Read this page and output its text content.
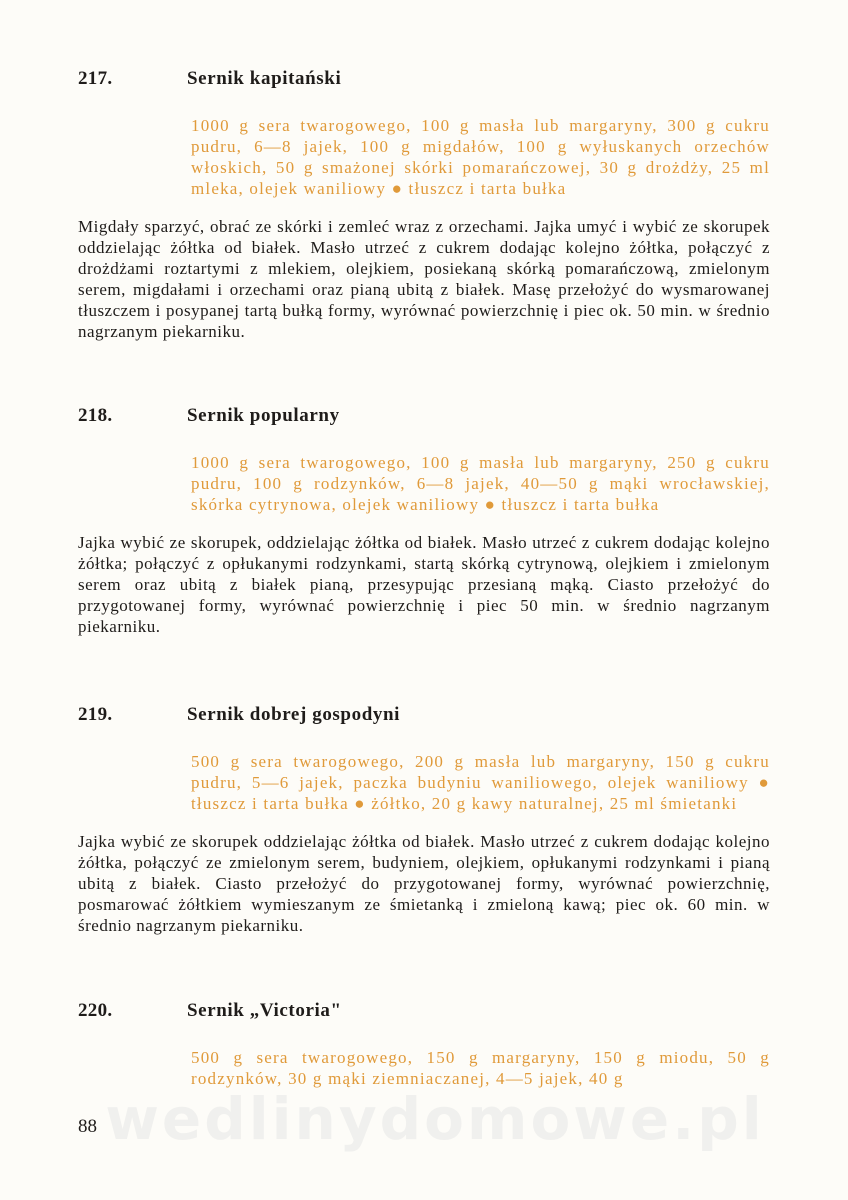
217.	Sernik kapitański
1000 g sera twarogowego, 100 g masła lub margaryny, 300 g cukru pudru, 6—8 jajek, 100 g migdałów, 100 g wyłuskanych orzechów włoskich, 50 g smażonej skórki pomarańczowej, 30 g drożdży, 25 ml mleka, olejek waniliowy ● tłuszcz i tarta bułka
Migdały sparzyć, obrać ze skórki i zemleć wraz z orzechami. Jajka umyć i wybić ze skorupek oddzielając żółtka od białek. Masło utrzeć z cukrem dodając kolejno żółtka, połączyć z drożdżami roztartymi z mlekiem, olejkiem, posiekaną skórką pomarańczową, zmielonym serem, migdałami i orzechami oraz pianą ubitą z białek. Masę przełożyć do wysmarowanej tłuszczem i posypanej tartą bułką formy, wyrównać powierzchnię i piec ok. 50 min. w średnio nagrzanym piekarniku.
218.	Sernik popularny
1000 g sera twarogowego, 100 g masła lub margaryny, 250 g cukru pudru, 100 g rodzynków, 6—8 jajek, 40—50 g mąki wrocławskiej, skórka cytrynowa, olejek waniliowy ● tłuszcz i tarta bułka
Jajka wybić ze skorupek, oddzielając żółtka od białek. Masło utrzeć z cukrem dodając kolejno żółtka; połączyć z opłukanymi rodzynkami, startą skórką cytrynową, olejkiem i zmielonym serem oraz ubitą z białek pianą, przesypując przesianą mąką. Ciasto przełożyć do przygotowanej formy, wyrównać powierzchnię i piec 50 min. w średnio nagrzanym piekarniku.
219.	Sernik dobrej gospodyni
500 g sera twarogowego, 200 g masła lub margaryny, 150 g cukru pudru, 5—6 jajek, paczka budyniu waniliowego, olejek waniliowy ● tłuszcz i tarta bułka ● żółtko, 20 g kawy naturalnej, 25 ml śmietanki
Jajka wybić ze skorupek oddzielając żółtka od białek. Masło utrzeć z cukrem dodając kolejno żółtka, połączyć ze zmielonym serem, budyniem, olejkiem, opłukanymi rodzynkami i pianą ubitą z białek. Ciasto przełożyć do przygotowanej formy, wyrównać powierzchnię, posmarować żółtkiem wymieszanym ze śmietanką i zmieloną kawą; piec ok. 60 min. w średnio nagrzanym piekarniku.
220.	Sernik „Victoria"
500 g sera twarogowego, 150 g margaryny, 150 g miodu, 50 g rodzynków, 30 g mąki ziemniaczanej, 4—5 jajek, 40 g
wedlinydomowe.pl
88
